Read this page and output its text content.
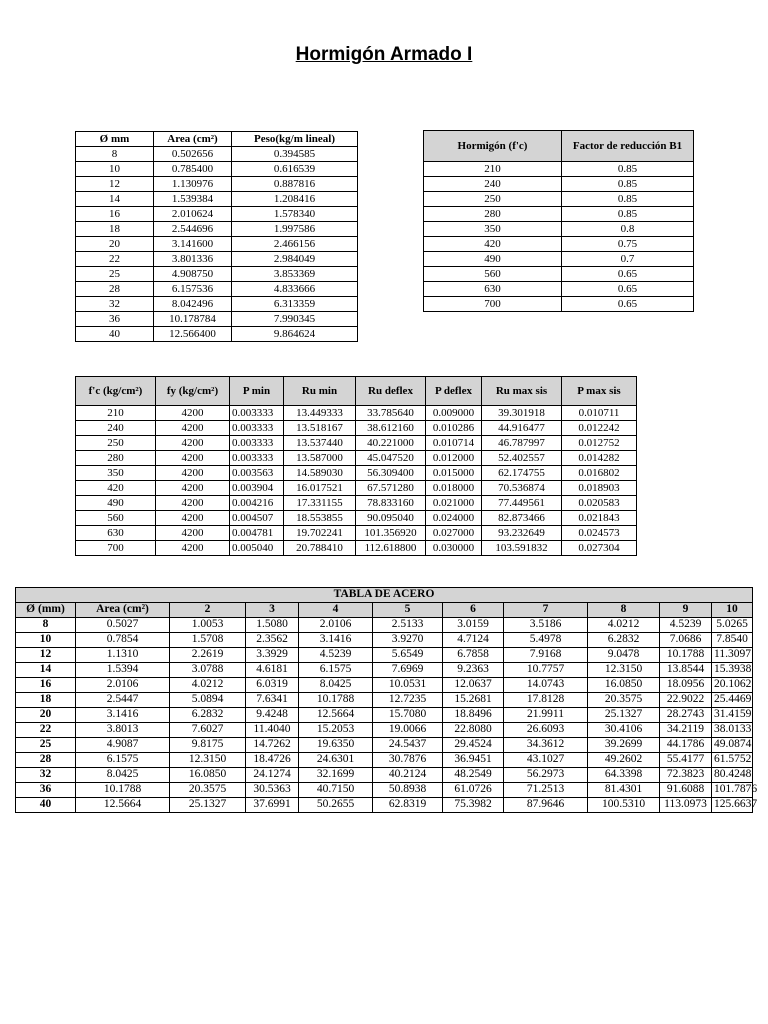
Hormigón Armado I
Ø mm	Area (cm²)	Peso(kg/m lineal)
8	0.502656	0.394585
10	0.785400	0.616539
12	1.130976	0.887816
14	1.539384	1.208416
16	2.010624	1.578340
18	2.544696	1.997586
20	3.141600	2.466156
22	3.801336	2.984049
25	4.908750	3.853369
28	6.157536	4.833666
32	8.042496	6.313359
36	10.178784	7.990345
40	12.566400	9.864624
Hormigón (f'c)	Factor de reducción B1
210	0.85
240	0.85
250	0.85
280	0.85
350	0.8
420	0.75
490	0.7
560	0.65
630	0.65
700	0.65
f'c (kg/cm²)	fy (kg/cm²)	P min	Ru min	Ru deflex	P deflex	Ru max sis	P max sis
210	4200	0.003333	13.449333	33.785640	0.009000	39.301918	0.010711
240	4200	0.003333	13.518167	38.612160	0.010286	44.916477	0.012242
250	4200	0.003333	13.537440	40.221000	0.010714	46.787997	0.012752
280	4200	0.003333	13.587000	45.047520	0.012000	52.402557	0.014282
350	4200	0.003563	14.589030	56.309400	0.015000	62.174755	0.016802
420	4200	0.003904	16.017521	67.571280	0.018000	70.536874	0.018903
490	4200	0.004216	17.331155	78.833160	0.021000	77.449561	0.020583
560	4200	0.004507	18.553855	90.095040	0.024000	82.873466	0.021843
630	4200	0.004781	19.702241	101.356920	0.027000	93.232649	0.024573
700	4200	0.005040	20.788410	112.618800	0.030000	103.591832	0.027304
TABLA DE ACERO										
Ø (mm)	Area (cm²)	2	3	4	5	6	7	8	9	10
8	0.5027	1.0053	1.5080	2.0106	2.5133	3.0159	3.5186	4.0212	4.5239	5.0265
10	0.7854	1.5708	2.3562	3.1416	3.9270	4.7124	5.4978	6.2832	7.0686	7.8540
12	1.1310	2.2619	3.3929	4.5239	5.6549	6.7858	7.9168	9.0478	10.1788	11.3097
14	1.5394	3.0788	4.6181	6.1575	7.6969	9.2363	10.7757	12.3150	13.8544	15.3938
16	2.0106	4.0212	6.0319	8.0425	10.0531	12.0637	14.0743	16.0850	18.0956	20.1062
18	2.5447	5.0894	7.6341	10.1788	12.7235	15.2681	17.8128	20.3575	22.9022	25.4469
20	3.1416	6.2832	9.4248	12.5664	15.7080	18.8496	21.9911	25.1327	28.2743	31.4159
22	3.8013	7.6027	11.4040	15.2053	19.0066	22.8080	26.6093	30.4106	34.2119	38.0133
25	4.9087	9.8175	14.7262	19.6350	24.5437	29.4524	34.3612	39.2699	44.1786	49.0874
28	6.1575	12.3150	18.4726	24.6301	30.7876	36.9451	43.1027	49.2602	55.4177	61.5752
32	8.0425	16.0850	24.1274	32.1699	40.2124	48.2549	56.2973	64.3398	72.3823	80.4248
36	10.1788	20.3575	30.5363	40.7150	50.8938	61.0726	71.2513	81.4301	91.6088	101.7876
40	12.5664	25.1327	37.6991	50.2655	62.8319	75.3982	87.9646	100.5310	113.0973	125.6637
